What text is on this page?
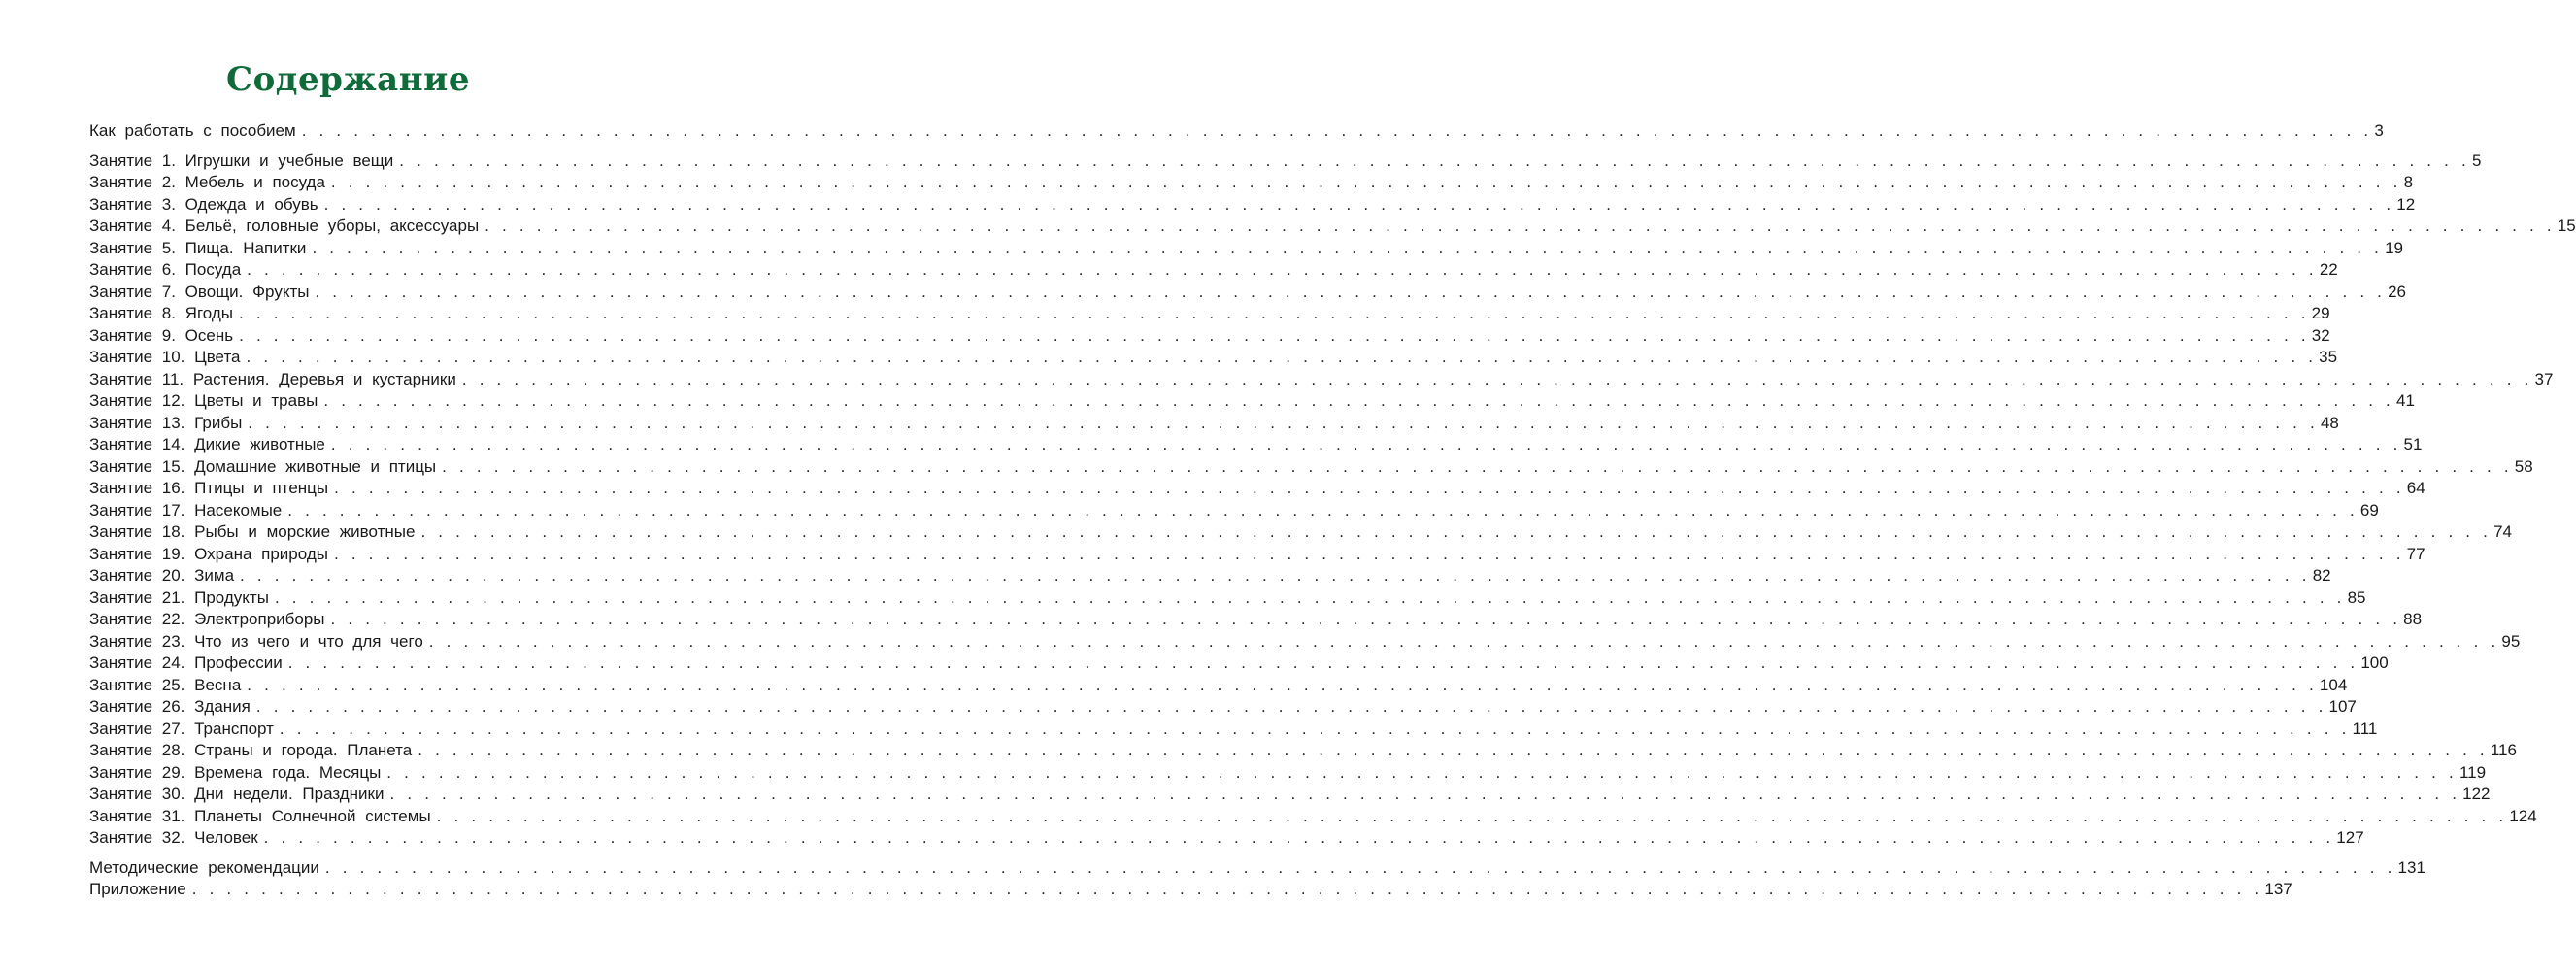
Содержание
Как работать с пособием . . . . . . . . . . . . . . . . . . . . . . . . . . . . . . . . . . . . . . . . . . . . . . . . . . . . . . . . . . . . . . . . . . . . . . . . . . . . . . . . . . . . . . . . . . . . . . . . . . . . . . . . . . . . . . . . . . . . . . . . 3
Занятие 1. Игрушки и учебные вещи . . . . . . . . . . . . . . . . . . . . . . . . . . . . . . . . . . . . . . . . . . . . . . . . . . . . . . . . . . . . . . . . . . . . . . . . . . . . . . . . . . . . . . . . . . . . . . . . . . . . . . . . . . . . . . . . . . . . . . . . 5
Занятие 2. Мебель и посуда . . . . . . . . . . . . . . . . . . . . . . . . . . . . . . . . . . . . . . . . . . . . . . . . . . . . . . . . . . . . . . . . . . . . . . . . . . . . . . . . . . . . . . . . . . . . . . . . . . . . . . . . . . . . . . . . . . . . . . . . 8
Занятие 3. Одежда и обувь . . . . . . . . . . . . . . . . . . . . . . . . . . . . . . . . . . . . . . . . . . . . . . . . . . . . . . . . . . . . . . . . . . . . . . . . . . . . . . . . . . . . . . . . . . . . . . . . . . . . . . . . . . . . . . . . . . . . . . . . 12
Занятие 4. Бельё, головные уборы, аксессуары . . . . . . . . . . . . . . . . . . . . . . . . . . . . . . . . . . . . . . . . . . . . . . . . . . . . . . . . . . . . . . . . . . . . . . . . . . . . . . . . . . . . . . . . . . . . . . . . . . . . . . . . . . . . . . . . . . . . . . . . 15
Занятие 5. Пища. Напитки . . . . . . . . . . . . . . . . . . . . . . . . . . . . . . . . . . . . . . . . . . . . . . . . . . . . . . . . . . . . . . . . . . . . . . . . . . . . . . . . . . . . . . . . . . . . . . . . . . . . . . . . . . . . . . . . . . . . . . . . 19
Занятие 6. Посуда . . . . . . . . . . . . . . . . . . . . . . . . . . . . . . . . . . . . . . . . . . . . . . . . . . . . . . . . . . . . . . . . . . . . . . . . . . . . . . . . . . . . . . . . . . . . . . . . . . . . . . . . . . . . . . . . . . . . . . . . 22
Занятие 7. Овощи. Фрукты . . . . . . . . . . . . . . . . . . . . . . . . . . . . . . . . . . . . . . . . . . . . . . . . . . . . . . . . . . . . . . . . . . . . . . . . . . . . . . . . . . . . . . . . . . . . . . . . . . . . . . . . . . . . . . . . . . . . . . . . 26
Занятие 8. Ягоды . . . . . . . . . . . . . . . . . . . . . . . . . . . . . . . . . . . . . . . . . . . . . . . . . . . . . . . . . . . . . . . . . . . . . . . . . . . . . . . . . . . . . . . . . . . . . . . . . . . . . . . . . . . . . . . . . . . . . . . . 29
Занятие 9. Осень . . . . . . . . . . . . . . . . . . . . . . . . . . . . . . . . . . . . . . . . . . . . . . . . . . . . . . . . . . . . . . . . . . . . . . . . . . . . . . . . . . . . . . . . . . . . . . . . . . . . . . . . . . . . . . . . . . . . . . . . 32
Занятие 10. Цвета . . . . . . . . . . . . . . . . . . . . . . . . . . . . . . . . . . . . . . . . . . . . . . . . . . . . . . . . . . . . . . . . . . . . . . . . . . . . . . . . . . . . . . . . . . . . . . . . . . . . . . . . . . . . . . . . . . . . . . . . 35
Занятие 11. Растения. Деревья и кустарники . . . . . . . . . . . . . . . . . . . . . . . . . . . . . . . . . . . . . . . . . . . . . . . . . . . . . . . . . . . . . . . . . . . . . . . . . . . . . . . . . . . . . . . . . . . . . . . . . . . . . . . . . . . . . . . . . . . . . . . . 37
Занятие 12. Цветы и травы . . . . . . . . . . . . . . . . . . . . . . . . . . . . . . . . . . . . . . . . . . . . . . . . . . . . . . . . . . . . . . . . . . . . . . . . . . . . . . . . . . . . . . . . . . . . . . . . . . . . . . . . . . . . . . . . . . . . . . . . 41
Занятие 13. Грибы . . . . . . . . . . . . . . . . . . . . . . . . . . . . . . . . . . . . . . . . . . . . . . . . . . . . . . . . . . . . . . . . . . . . . . . . . . . . . . . . . . . . . . . . . . . . . . . . . . . . . . . . . . . . . . . . . . . . . . . . 48
Занятие 14. Дикие животные . . . . . . . . . . . . . . . . . . . . . . . . . . . . . . . . . . . . . . . . . . . . . . . . . . . . . . . . . . . . . . . . . . . . . . . . . . . . . . . . . . . . . . . . . . . . . . . . . . . . . . . . . . . . . . . . . . . . . . . . 51
Занятие 15. Домашние животные и птицы . . . . . . . . . . . . . . . . . . . . . . . . . . . . . . . . . . . . . . . . . . . . . . . . . . . . . . . . . . . . . . . . . . . . . . . . . . . . . . . . . . . . . . . . . . . . . . . . . . . . . . . . . . . . . . . . . . . . . . . . 58
Занятие 16. Птицы и птенцы . . . . . . . . . . . . . . . . . . . . . . . . . . . . . . . . . . . . . . . . . . . . . . . . . . . . . . . . . . . . . . . . . . . . . . . . . . . . . . . . . . . . . . . . . . . . . . . . . . . . . . . . . . . . . . . . . . . . . . . . 64
Занятие 17. Насекомые . . . . . . . . . . . . . . . . . . . . . . . . . . . . . . . . . . . . . . . . . . . . . . . . . . . . . . . . . . . . . . . . . . . . . . . . . . . . . . . . . . . . . . . . . . . . . . . . . . . . . . . . . . . . . . . . . . . . . . . . 69
Занятие 18. Рыбы и морские животные . . . . . . . . . . . . . . . . . . . . . . . . . . . . . . . . . . . . . . . . . . . . . . . . . . . . . . . . . . . . . . . . . . . . . . . . . . . . . . . . . . . . . . . . . . . . . . . . . . . . . . . . . . . . . . . . . . . . . . . . 74
Занятие 19. Охрана природы . . . . . . . . . . . . . . . . . . . . . . . . . . . . . . . . . . . . . . . . . . . . . . . . . . . . . . . . . . . . . . . . . . . . . . . . . . . . . . . . . . . . . . . . . . . . . . . . . . . . . . . . . . . . . . . . . . . . . . . . 77
Занятие 20. Зима . . . . . . . . . . . . . . . . . . . . . . . . . . . . . . . . . . . . . . . . . . . . . . . . . . . . . . . . . . . . . . . . . . . . . . . . . . . . . . . . . . . . . . . . . . . . . . . . . . . . . . . . . . . . . . . . . . . . . . . . 82
Занятие 21. Продукты . . . . . . . . . . . . . . . . . . . . . . . . . . . . . . . . . . . . . . . . . . . . . . . . . . . . . . . . . . . . . . . . . . . . . . . . . . . . . . . . . . . . . . . . . . . . . . . . . . . . . . . . . . . . . . . . . . . . . . . . 85
Занятие 22. Электроприборы . . . . . . . . . . . . . . . . . . . . . . . . . . . . . . . . . . . . . . . . . . . . . . . . . . . . . . . . . . . . . . . . . . . . . . . . . . . . . . . . . . . . . . . . . . . . . . . . . . . . . . . . . . . . . . . . . . . . . . . . 88
Занятие 23. Что из чего и что для чего . . . . . . . . . . . . . . . . . . . . . . . . . . . . . . . . . . . . . . . . . . . . . . . . . . . . . . . . . . . . . . . . . . . . . . . . . . . . . . . . . . . . . . . . . . . . . . . . . . . . . . . . . . . . . . . . . . . . . . . . 95
Занятие 24. Профессии . . . . . . . . . . . . . . . . . . . . . . . . . . . . . . . . . . . . . . . . . . . . . . . . . . . . . . . . . . . . . . . . . . . . . . . . . . . . . . . . . . . . . . . . . . . . . . . . . . . . . . . . . . . . . . . . . . . . . . . . 100
Занятие 25. Весна . . . . . . . . . . . . . . . . . . . . . . . . . . . . . . . . . . . . . . . . . . . . . . . . . . . . . . . . . . . . . . . . . . . . . . . . . . . . . . . . . . . . . . . . . . . . . . . . . . . . . . . . . . . . . . . . . . . . . . . . 104
Занятие 26. Здания . . . . . . . . . . . . . . . . . . . . . . . . . . . . . . . . . . . . . . . . . . . . . . . . . . . . . . . . . . . . . . . . . . . . . . . . . . . . . . . . . . . . . . . . . . . . . . . . . . . . . . . . . . . . . . . . . . . . . . . . 107
Занятие 27. Транспорт . . . . . . . . . . . . . . . . . . . . . . . . . . . . . . . . . . . . . . . . . . . . . . . . . . . . . . . . . . . . . . . . . . . . . . . . . . . . . . . . . . . . . . . . . . . . . . . . . . . . . . . . . . . . . . . . . . . . . . . . 111
Занятие 28. Страны и города. Планета . . . . . . . . . . . . . . . . . . . . . . . . . . . . . . . . . . . . . . . . . . . . . . . . . . . . . . . . . . . . . . . . . . . . . . . . . . . . . . . . . . . . . . . . . . . . . . . . . . . . . . . . . . . . . . . . . . . . . . . . 116
Занятие 29. Времена года. Месяцы . . . . . . . . . . . . . . . . . . . . . . . . . . . . . . . . . . . . . . . . . . . . . . . . . . . . . . . . . . . . . . . . . . . . . . . . . . . . . . . . . . . . . . . . . . . . . . . . . . . . . . . . . . . . . . . . . . . . . . . . 119
Занятие 30. Дни недели. Праздники . . . . . . . . . . . . . . . . . . . . . . . . . . . . . . . . . . . . . . . . . . . . . . . . . . . . . . . . . . . . . . . . . . . . . . . . . . . . . . . . . . . . . . . . . . . . . . . . . . . . . . . . . . . . . . . . . . . . . . . . 122
Занятие 31. Планеты Солнечной системы . . . . . . . . . . . . . . . . . . . . . . . . . . . . . . . . . . . . . . . . . . . . . . . . . . . . . . . . . . . . . . . . . . . . . . . . . . . . . . . . . . . . . . . . . . . . . . . . . . . . . . . . . . . . . . . . . . . . . . . . 124
Занятие 32. Человек . . . . . . . . . . . . . . . . . . . . . . . . . . . . . . . . . . . . . . . . . . . . . . . . . . . . . . . . . . . . . . . . . . . . . . . . . . . . . . . . . . . . . . . . . . . . . . . . . . . . . . . . . . . . . . . . . . . . . . . . 127
Методические рекомендации . . . . . . . . . . . . . . . . . . . . . . . . . . . . . . . . . . . . . . . . . . . . . . . . . . . . . . . . . . . . . . . . . . . . . . . . . . . . . . . . . . . . . . . . . . . . . . . . . . . . . . . . . . . . . . . . . . . . . . . . 131
Приложение . . . . . . . . . . . . . . . . . . . . . . . . . . . . . . . . . . . . . . . . . . . . . . . . . . . . . . . . . . . . . . . . . . . . . . . . . . . . . . . . . . . . . . . . . . . . . . . . . . . . . . . . . . . . . . . . . . . . . . . . 137
